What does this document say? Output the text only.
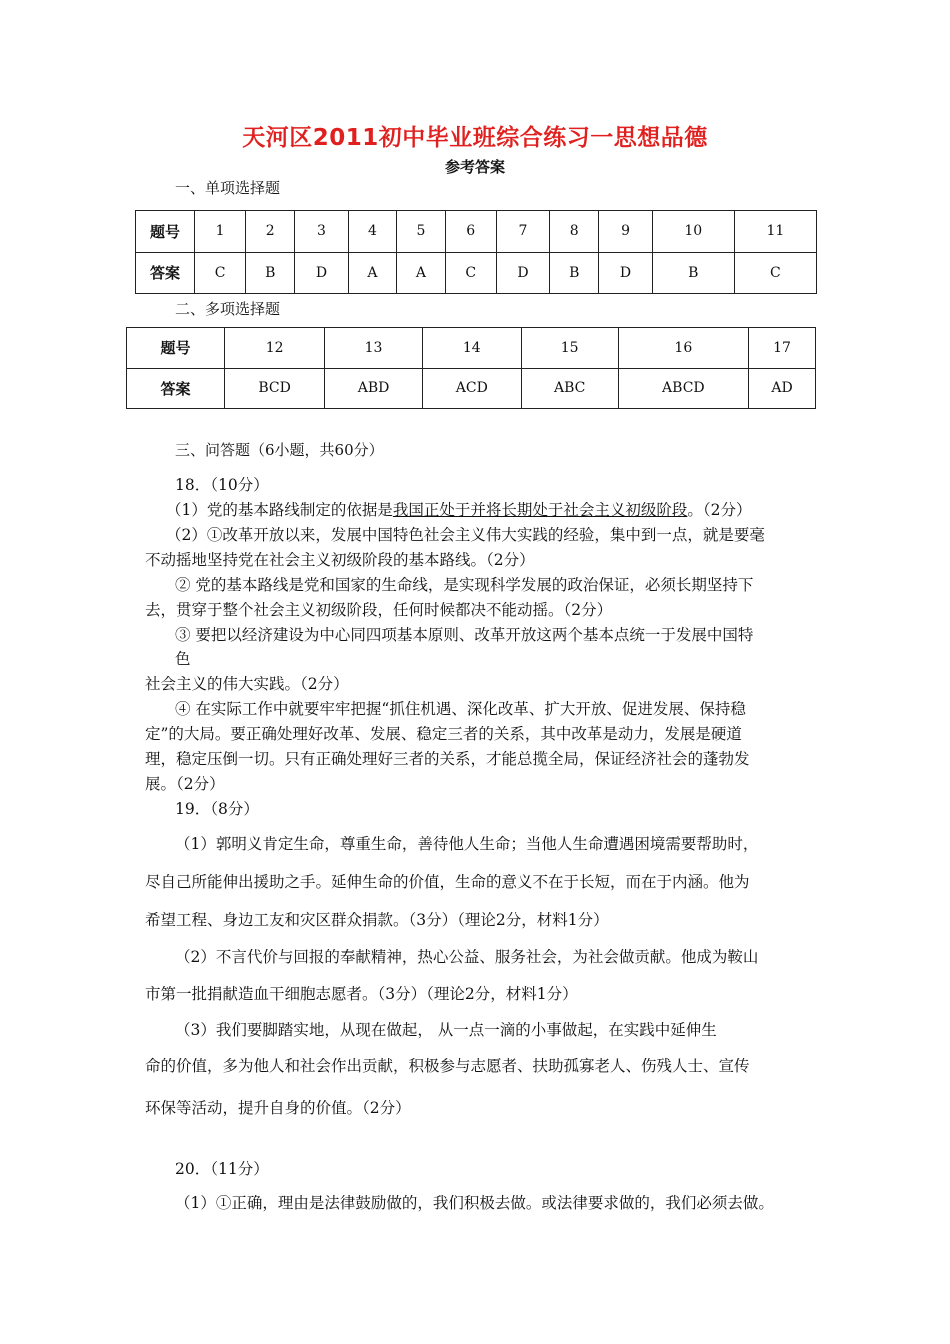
天河区2011初中毕业班综合练习一思想品德
参考答案
一、单项选择题
题号	1	2	3	4	5	6	7	8	9	10	11
答案	C	B	D	A	A	C	D	B	D	B	C
二、多项选择题
题号	12	13	14	15	16	17
答案	BCD	ABD	ACD	ABC	ABCD	AD
三、问答题（6小题，共60分）
18．（10分）
（1）党的基本路线制定的依据是我国正处于并将长期处于社会主义初级阶段。（2分）
（2）①改革开放以来，发展中国特色社会主义伟大实践的经验，集中到一点，就是要毫
不动摇地坚持党在社会主义初级阶段的基本路线。（2分）
② 党的基本路线是党和国家的生命线，是实现科学发展的政治保证，必须长期坚持下
去，贯穿于整个社会主义初级阶段，任何时候都决不能动摇。（2分）
③ 要把以经济建设为中心同四项基本原则、改革开放这两个基本点统一于发展中国特
色
社会主义的伟大实践。（2分）
④ 在实际工作中就要牢牢把握“抓住机遇、深化改革、扩大开放、促进发展、保持稳
定”的大局。要正确处理好改革、发展、稳定三者的关系，其中改革是动力，发展是硬道
理，稳定压倒一切。只有正确处理好三者的关系，才能总揽全局，保证经济社会的蓬勃发
展。（2分）
19．（8分）
（1）郭明义肯定生命，尊重生命，善待他人生命；当他人生命遭遇困境需要帮助时，
尽自己所能伸出援助之手。延伸生命的价值，生命的意义不在于长短，而在于内涵。他为
希望工程、身边工友和灾区群众捐款。（3分）（理论2分，材料1分）
（2）不言代价与回报的奉献精神，热心公益、服务社会，为社会做贡献。他成为鞍山
市第一批捐献造血干细胞志愿者。（3分）（理论2分，材料1分）
（3）我们要脚踏实地，从现在做起， 从一点一滴的小事做起，在实践中延伸生
命的价值，多为他人和社会作出贡献，积极参与志愿者、扶助孤寡老人、伤残人士、宣传
环保等活动，提升自身的价值。（2分）
20．（11分）
（1）①正确，理由是法律鼓励做的，我们积极去做。或法律要求做的，我们必须去做。
